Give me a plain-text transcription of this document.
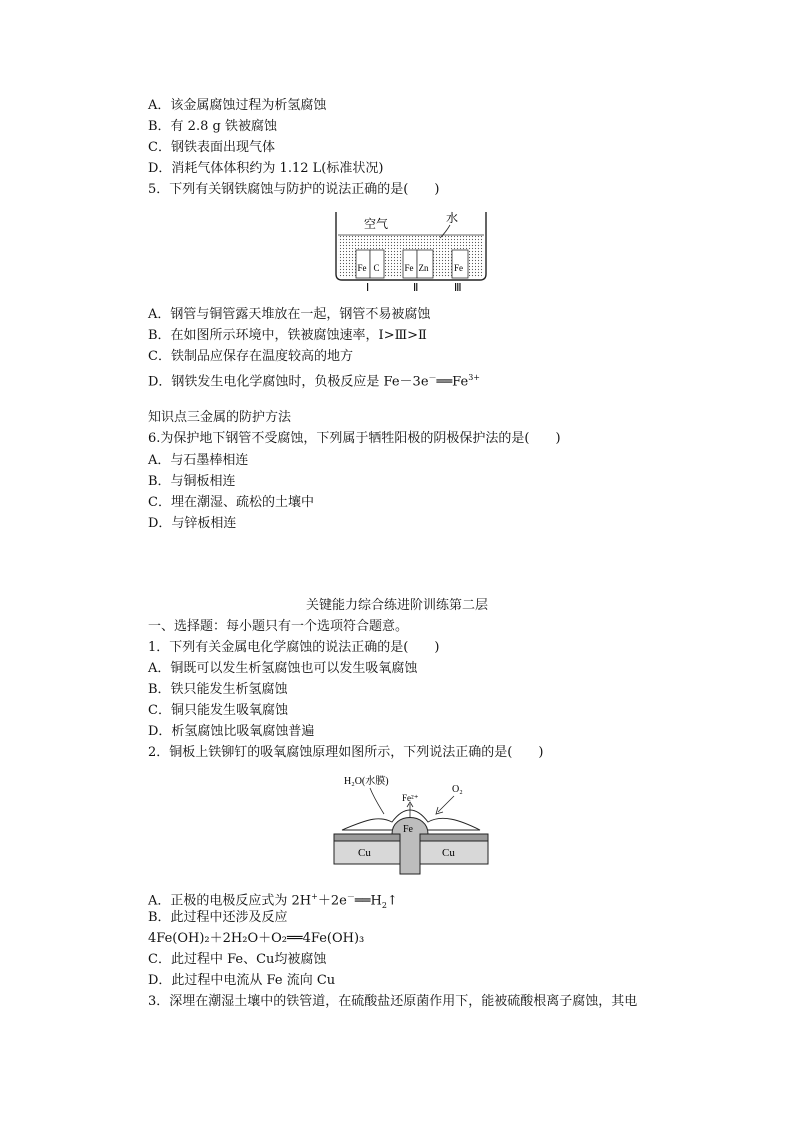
A．该金属腐蚀过程为析氢腐蚀
B．有 2.8 g 铁被腐蚀
C．钢铁表面出现气体
D．消耗气体体积约为 1.12 L(标准状况)
5．下列有关钢铁腐蚀与防护的说法正确的是(　　)
空气	水
Fe C	Fe Zn	Fe
Ⅰ	Ⅱ	Ⅲ
A．钢管与铜管露天堆放在一起，钢管不易被腐蚀
B．在如图所示环境中，铁被腐蚀速率，Ⅰ>Ⅲ>Ⅱ
C．铁制品应保存在温度较高的地方
D．钢铁发生电化学腐蚀时，负极反应是 $Fe-3e^-══Fe^{3+}$
知识点三金属的防护方法
6.为保护地下钢管不受腐蚀，下列属于牺牲阳极的阴极保护法的是(　　)
A．与石墨棒相连
B．与铜板相连
C．埋在潮湿、疏松的土壤中
D．与锌板相连
关键能力综合练进阶训练第二层
一、选择题：每小题只有一个选项符合题意。
1．下列有关金属电化学腐蚀的说法正确的是(　　)
A．铜既可以发生析氢腐蚀也可以发生吸氧腐蚀
B．铁只能发生析氢腐蚀
C．铜只能发生吸氧腐蚀
D．析氢腐蚀比吸氧腐蚀普遍
2．铜板上铁铆钉的吸氧腐蚀原理如图所示，下列说法正确的是(　　)
Fe
Cu	Cu
H₂O(水膜)
Fe²⁺
O₂
A．正极的电极反应式为 $2H^++2e^-══H_2↑$
B．此过程中还涉及反应
4Fe(OH)₂＋2H₂O＋O₂══4Fe(OH)₃
C．此过程中 Fe、Cu均被腐蚀
D．此过程中电流从 Fe 流向 Cu
3．深埋在潮湿土壤中的铁管道，在硫酸盐还原菌作用下，能被硫酸根离子腐蚀，其电
